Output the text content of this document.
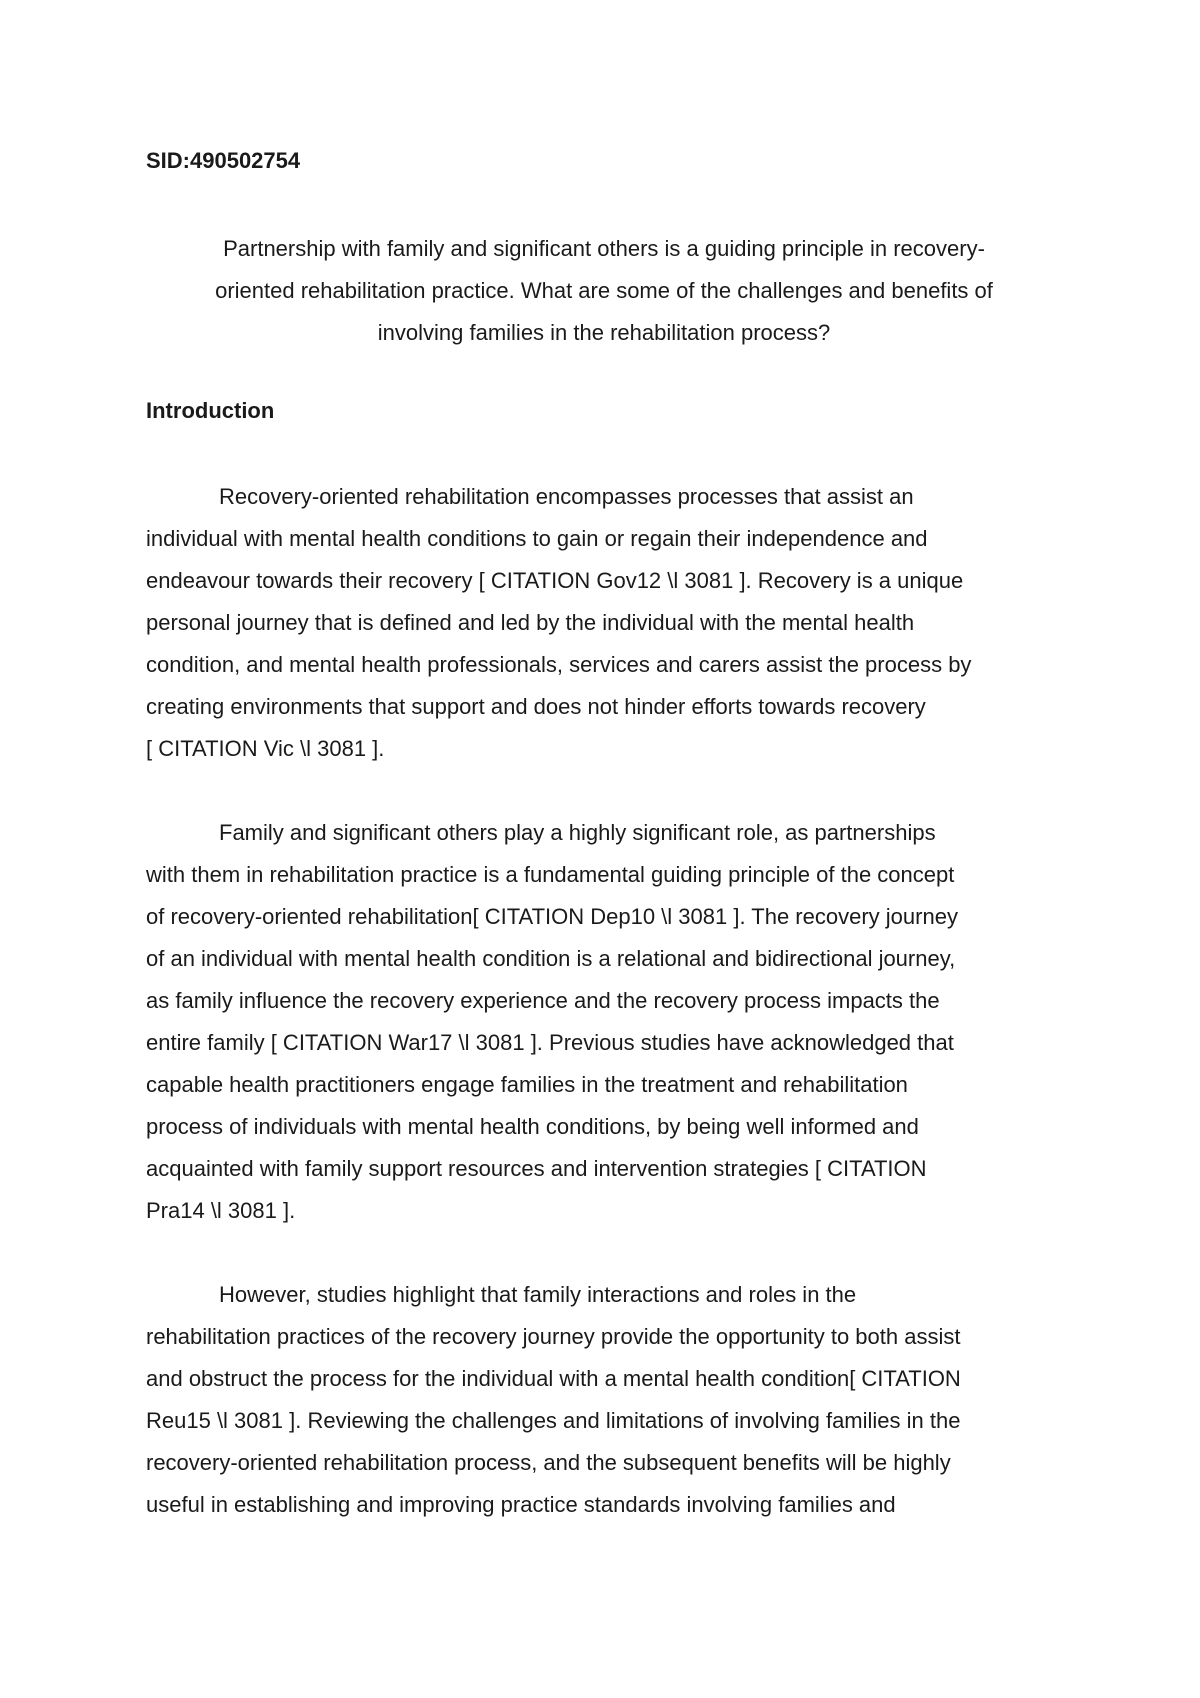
SID:490502754

Partnership with family and significant others is a guiding principle in recovery-
oriented rehabilitation practice. What are some of the challenges and benefits of
involving families in the rehabilitation process?

Introduction

Recovery-oriented rehabilitation encompasses processes that assist an
individual with mental health conditions to gain or regain their independence and
endeavour towards their recovery [ CITATION Gov12 \l 3081 ]. Recovery is a unique
personal journey that is defined and led by the individual with the mental health
condition, and mental health professionals, services and carers assist the process by
creating environments that support and does not hinder efforts towards recovery
[ CITATION Vic \l 3081 ].

Family and significant others play a highly significant role, as partnerships
with them in rehabilitation practice is a fundamental guiding principle of the concept
of recovery-oriented rehabilitation[ CITATION Dep10 \l 3081 ]. The recovery journey
of an individual with mental health condition is a relational and bidirectional journey,
as family influence the recovery experience and the recovery process impacts the
entire family [ CITATION War17 \l 3081 ]. Previous studies have acknowledged that
capable health practitioners engage families in the treatment and rehabilitation
process of individuals with mental health conditions, by being well informed and
acquainted with family support resources and intervention strategies [ CITATION
Pra14 \l 3081 ].

However, studies highlight that family interactions and roles in the
rehabilitation practices of the recovery journey provide the opportunity to both assist
and obstruct the process for the individual with a mental health condition[ CITATION
Reu15 \l 3081 ]. Reviewing the challenges and limitations of involving families in the
recovery-oriented rehabilitation process, and the subsequent benefits will be highly
useful in establishing and improving practice standards involving families and
